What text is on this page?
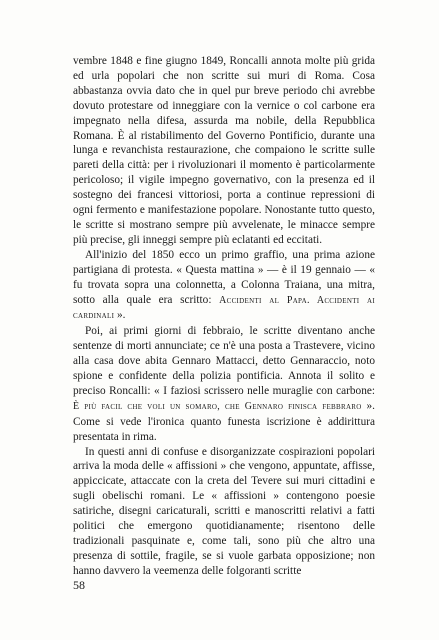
vembre 1848 e fine giugno 1849, Roncalli annota molte più grida ed urla popolari che non scritte sui muri di Roma. Cosa abbastanza ovvia dato che in quel pur breve periodo chi avrebbe dovuto protestare od inneggiare con la vernice o col carbone era impegnato nella difesa, assurda ma nobile, della Repubblica Romana. È al ristabilimento del Governo Pontificio, durante una lunga e revanchista restaurazione, che compaiono le scritte sulle pareti della città: per i rivoluzionari il momento è particolarmente pericoloso; il vigile impegno governativo, con la presenza ed il sostegno dei francesi vittoriosi, porta a continue repressioni di ogni fermento e manifestazione popolare. Nonostante tutto questo, le scritte si mostrano sempre più avvelenate, le minacce sempre più precise, gli inneggi sempre più eclatanti ed eccitati.

All'inizio del 1850 ecco un primo graffio, una prima azione partigiana di protesta. « Questa mattina » — è il 19 gennaio — « fu trovata sopra una colonnetta, a Colonna Traiana, una mitra, sotto alla quale era scritto: Accidenti al Papa. Accidenti ai cardinali ».

Poi, ai primi giorni di febbraio, le scritte diventano anche sentenze di morti annunciate; ce n'è una posta a Trastevere, vicino alla casa dove abita Gennaro Mattacci, detto Gennaraccio, noto spione e confidente della polizia pontificia. Annota il solito e preciso Roncalli: « I faziosi scrissero nelle muraglie con carbone: È più facil che voli un somaro, che Gennaro finisca febbraro ». Come si vede l'ironica quanto funesta iscrizione è addirittura presentata in rima.

In questi anni di confuse e disorganizzate cospirazioni popolari arriva la moda delle « affissioni » che vengono, appuntate, affisse, appiccicate, attaccate con la creta del Tevere sui muri cittadini e sugli obelischi romani. Le « affissioni » contengono poesie satiriche, disegni caricaturali, scritti e manoscritti relativi a fatti politici che emergono quotidianamente; risentono delle tradizionali pasquinate e, come tali, sono più che altro una presenza di sottile, fragile, se si vuole garbata opposizione; non hanno davvero la veemenza delle folgoranti scritte

58
